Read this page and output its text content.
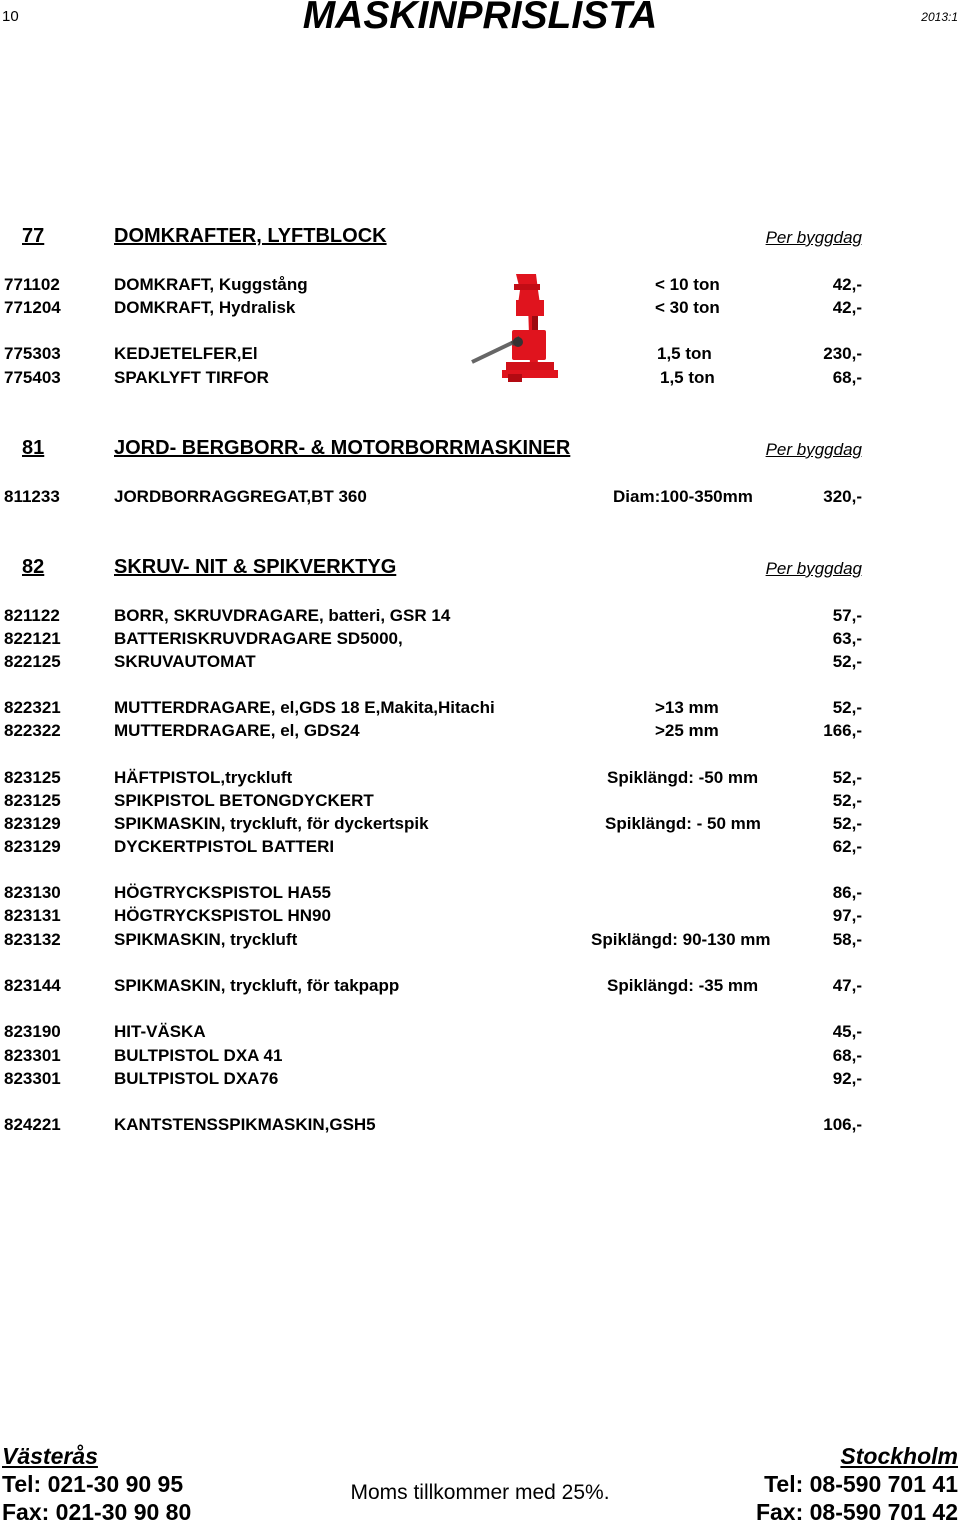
10	MASKINPRISLISTA	2013:1
77	DOMKRAFTER, LYFTBLOCK	Per byggdag
771102	DOMKRAFT, Kuggstång	< 10 ton	42,-
771204	DOMKRAFT, Hydralisk	< 30 ton	42,-
775303	KEDJETELFER,El	1,5 ton	230,-
775403	SPAKLYFT TIRFOR	1,5 ton	68,-
81	JORD- BERGBORR- & MOTORBORRMASKINER	Per byggdag
811233	JORDBORRAGGREGAT,BT 360	Diam:100-350mm	320,-
82	SKRUV- NIT & SPIKVERKTYG	Per byggdag
821122	BORR, SKRUVDRAGARE, batteri, GSR 14	57,-
822121	BATTERISKRUVDRAGARE SD5000,	63,-
822125	SKRUVAUTOMAT	52,-
822321	MUTTERDRAGARE, el,GDS 18 E,Makita,Hitachi	>13 mm	52,-
822322	MUTTERDRAGARE, el, GDS24	>25 mm	166,-
823125	HÄFTPISTOL,tryckluft	Spiklängd: -50 mm	52,-
823125	SPIKPISTOL BETONGDYCKERT	52,-
823129	SPIKMASKIN, tryckluft, för dyckertspik	Spiklängd: - 50 mm	52,-
823129	DYCKERTPISTOL BATTERI	62,-
823130	HÖGTRYCKSPISTOL HA55	86,-
823131	HÖGTRYCKSPISTOL HN90	97,-
823132	SPIKMASKIN, tryckluft	Spiklängd: 90-130 mm	58,-
823144	SPIKMASKIN, tryckluft, för takpapp	Spiklängd: -35 mm	47,-
823190	HIT-VÄSKA	45,-
823301	BULTPISTOL DXA 41	68,-
823301	BULTPISTOL DXA76	92,-
824221	KANTSTENSSPIKMASKIN,GSH5	106,-
Västerås
Tel: 021-30 90 95
Fax: 021-30 90 80
Moms tillkommer med 25%.
Stockholm
Tel: 08-590 701 41
Fax: 08-590 701 42
